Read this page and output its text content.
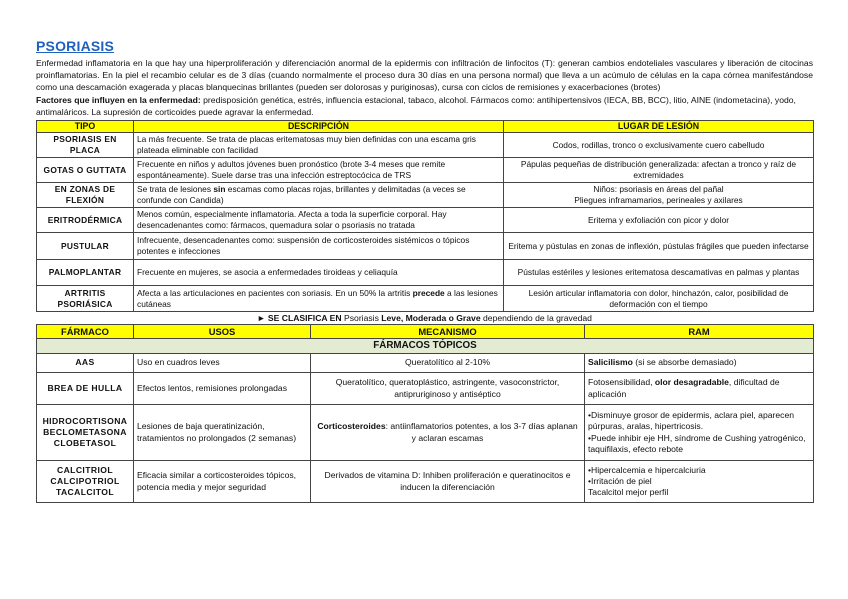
PSORIASIS

Enfermedad inflamatoria en la que hay una hiperproliferación y diferenciación anormal de la epidermis con infiltración de linfocitos (T): generan cambios endoteliales vasculares y liberación de citocinas proinflamatorias. En la piel el recambio celular es de 3 días (cuando normalmente el proceso dura 30 días en una persona normal) que lleva a un acúmulo de células en la capa córnea manifestándose como una descamación exagerada y placas blanquecinas brillantes (pueden ser dolorosas y puriginosas), cursa con ciclos de remisiones y exacerbaciones (brotes)

Factores que influyen en la enfermedad: predisposición genética, estrés, influencia estacional, tabaco, alcohol. Fármacos como: antihipertensivos (IECA, BB, BCC), litio, AINE (indometacina), yodo, antimaláricos. La supresión de corticoides puede agravar la enfermedad.

TIPO	DESCRIPCIÓN	LUGAR DE LESIÓN
PSORIASIS EN
PLACA	La más frecuente. Se trata de placas eritematosas muy bien definidas con una escama gris plateada eliminable con facilidad	Codos, rodillas, tronco o exclusivamente cuero cabelludo
GOTAS O GUTTATA	Frecuente en niños y adultos jóvenes buen pronóstico (brote 3-4 meses que remite espontáneamente). Suele darse tras una infección estreptocócica de TRS	Pápulas pequeñas de distribución generalizada: afectan a tronco y raíz de extremidades
EN ZONAS DE
FLEXIÓN	Se trata de lesiones sin escamas como placas rojas, brillantes y delimitadas (a veces se confunde con Candida)	Niños: psoriasis en áreas del pañal
Pliegues inframamarios, perineales y axilares

ERITRODÉRMICA	Menos común, especialmente inflamatoria. Afecta a toda la superficie corporal. Hay desencadenantes como: fármacos, quemadura solar o psoriasis no tratada	Eritema y exfoliación con picor y dolor
PUSTULAR	Infrecuente, desencadenantes como: suspensión de corticosteroides sistémicos o tópicos potentes e infecciones	Eritema y pústulas en zonas de inflexión, pústulas frágiles que pueden infectarse
PALMOPLANTAR	Frecuente en mujeres, se asocia a enfermedades tiroideas y celiaquía	Pústulas estériles y lesiones eritematosa descamativas en palmas y plantas

ARTRITIS
PSORIÁSICA	Afecta a las articulaciones en pacientes con soriasis. En un 50% la artritis precede a las lesiones cutáneas	Lesión articular inflamatoria con dolor, hinchazón, calor, posibilidad de deformación con el tiempo

► SE CLASIFICA EN Psoriasis Leve, Moderada o Grave dependiendo de la gravedad

FÁRMACO	USOS	MECANISMO	RAM
FÁRMACOS TÓPICOS			
AAS	Uso en cuadros leves	Queratolítico al 2-10%	Salicilismo (si se absorbe demasiado)
BREA DE HULLA	Efectos lentos, remisiones prolongadas	Queratolítico, queratoplástico, astringente, vasoconstrictor, antipruriginoso y antiséptico	Fotosensibilidad, olor desagradable, dificultad de aplicación

HIDROCORTISONA
BECLOMETASONA
CLOBETASOL	Lesiones de baja queratinización, tratamientos no prolongados (2 semanas)	Corticosteroides: antiinflamatorios potentes, a los 3-7 días aplanan y aclaran escamas	•Disminuye grosor de epidermis, aclara piel, aparecen púrpuras, aralas, hipertricosis.
•Puede inhibir eje HH, síndrome de Cushing yatrogénico, taquifilaxis, efecto rebote

CALCITRIOL
CALCIPOTRIOL
TACALCITOL	Eficacia similar a corticosteroides tópicos, potencia media y mejor seguridad	Derivados de vitamina D: Inhiben proliferación e queratinocitos e inducen la diferenciación	•Hipercalcemia e hipercalciuria
•Irritación de piel
Tacalcitol mejor perfil
